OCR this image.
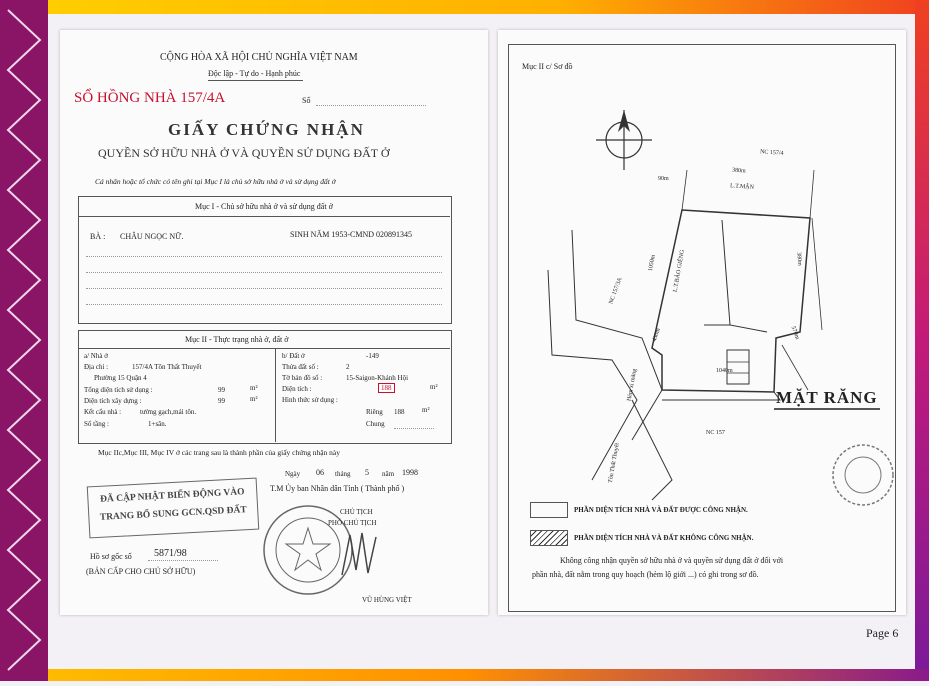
CỘNG HÒA XÃ HỘI CHỦ NGHĨA VIỆT NAM
Độc lập - Tự do - Hạnh phúc
SỔ HỒNG NHÀ 157/4A	Số
GIẤY CHỨNG NHẬN
QUYỀN SỞ HỮU NHÀ Ở VÀ QUYỀN SỬ DỤNG ĐẤT Ở
Cá nhân hoặc tổ chức có tên ghi tại Mục I là chủ sở hữu nhà ở và sử dụng đất ở
Mục I - Chủ sở hữu nhà ở và sử dụng đất ở
BÀ : CHÂU NGỌC NỮ.	SINH NĂM 1953-CMND 020891345
Mục II - Thực trạng nhà ở, đất ở
a/ Nhà ở
Địa chỉ :	157/4A Tôn Thất Thuyết
Phường 15 Quận 4
Tổng diện tích sử dụng :	99	m²
Diện tích xây dựng :	99	m²
Kết cấu nhà :	tường gạch,mái tôn.
Số tầng :	1+sân.
b/ Đất ở	-149
Thửa đất số :	2
Tờ bản đồ số :	15-Saigon-Khánh Hội
Diện tích :	188	m²
Hình thức sử dụng :
Riêng 188	m²
Chung
Mục IIc,Mục III, Mục IV ở các trang sau là thành phần của giấy chứng nhận này
Ngày 06 tháng 5 năm 1998
T.M Ủy ban Nhân dân Tỉnh ( Thành phố )
ĐÃ CẬP NHẬT BIẾN ĐỘNG VÀO
TRANG BỔ SUNG GCN.QSD ĐẤT	CHỦ TỊCH
PHÓ CHỦ TỊCH
Hồ sơ gốc số 5871/98
(BẢN CẤP CHO CHỦ SỞ HỮU)
VŨ HÙNG VIỆT
Mục II c/ Sơ đồ
NC 157/4
380m
L.T.MẬN
90m
1050m	L.T.BẢO GIÊNG	380m
570m
NC 157/3A
430m
1040m
Hẻm xi măng
Tôn Thất Thuyết
NC 157
MẶT RĂNG
PHẦN DIỆN TÍCH NHÀ VÀ ĐẤT ĐƯỢC CÔNG NHẬN.
PHẦN DIỆN TÍCH NHÀ VÀ ĐẤT KHÔNG CÔNG NHẬN.
Không công nhận quyền sở hữu nhà ở và quyền sử dụng đất ở đối với
phần nhà, đất nằm trong quy hoạch (hẻm lộ giới ...) có ghi trong sơ đồ.
Page 6
